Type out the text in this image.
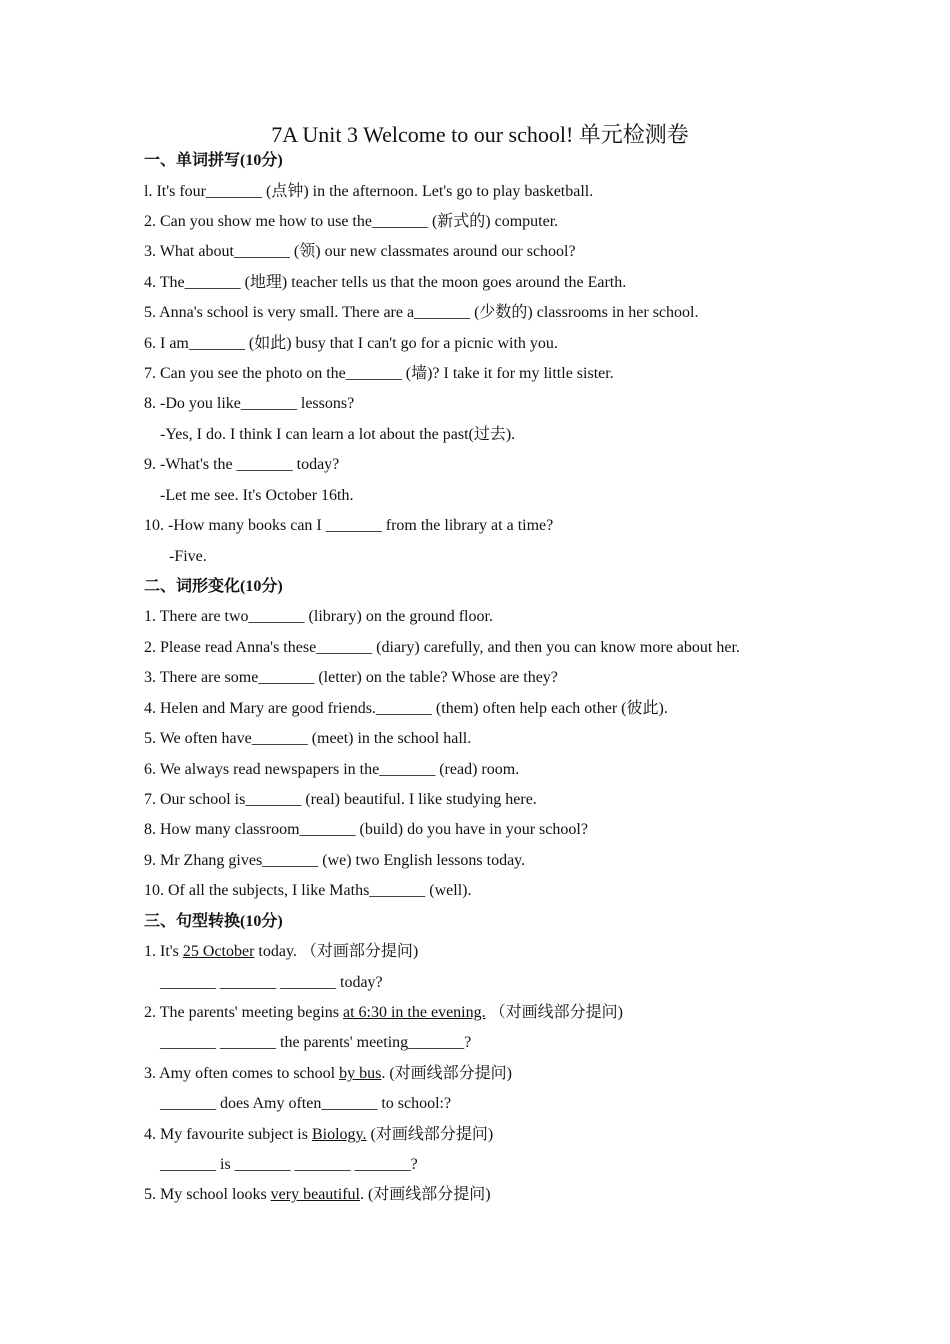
7A Unit 3 Welcome to our school! 单元检测卷
一、单词拼写(10分)
l. It's four_______ (点钟) in the afternoon. Let's go to play basketball.
2. Can you show me how to use the_______ (新式的) computer.
3. What about_______ (领) our new classmates around our school?
4. The_______ (地理) teacher tells us that the moon goes around the Earth.
5. Anna's school is very small. There are a_______ (少数的) classrooms in her school.
6. I am_______ (如此) busy that I can't go for a picnic with you.
7. Can you see the photo on the_______ (墙)? I take it for my little sister.
8. -Do you like_______ lessons?
-Yes, I do. I think I can learn a lot about the past(过去).
9. -What's the _______ today?
-Let me see. It's October 16th.
10. -How many books can I _______ from the library at a time?
-Five.
二、词形变化(10分)
1. There are two_______ (library) on the ground floor.
2. Please read Anna's these_______ (diary) carefully, and then you can know more about her.
3. There are some_______ (letter) on the table? Whose are they?
4. Helen and Mary are good friends._______ (them) often help each other (彼此).
5. We often have_______ (meet) in the school hall.
6. We always read newspapers in the_______ (read) room.
7. Our school is_______ (real) beautiful. I like studying here.
8. How many classroom_______ (build) do you have in your school?
9. Mr Zhang gives_______ (we) two English lessons today.
10. Of all the subjects, I like Maths_______ (well).
三、句型转换(10分)
1. It's 25 October today. （对画部分提问)
_______ _______ _______ today?
2. The parents' meeting begins at 6:30 in the evening. （对画线部分提问)
_______ _______ the parents' meeting_______?
3. Amy often comes to school by bus. (对画线部分提问)
_______ does Amy often_______ to school:?
4. My favourite subject is Biology. (对画线部分提问)
_______ is _______ _______ _______?
5. My school looks very beautiful. (对画线部分提问)
